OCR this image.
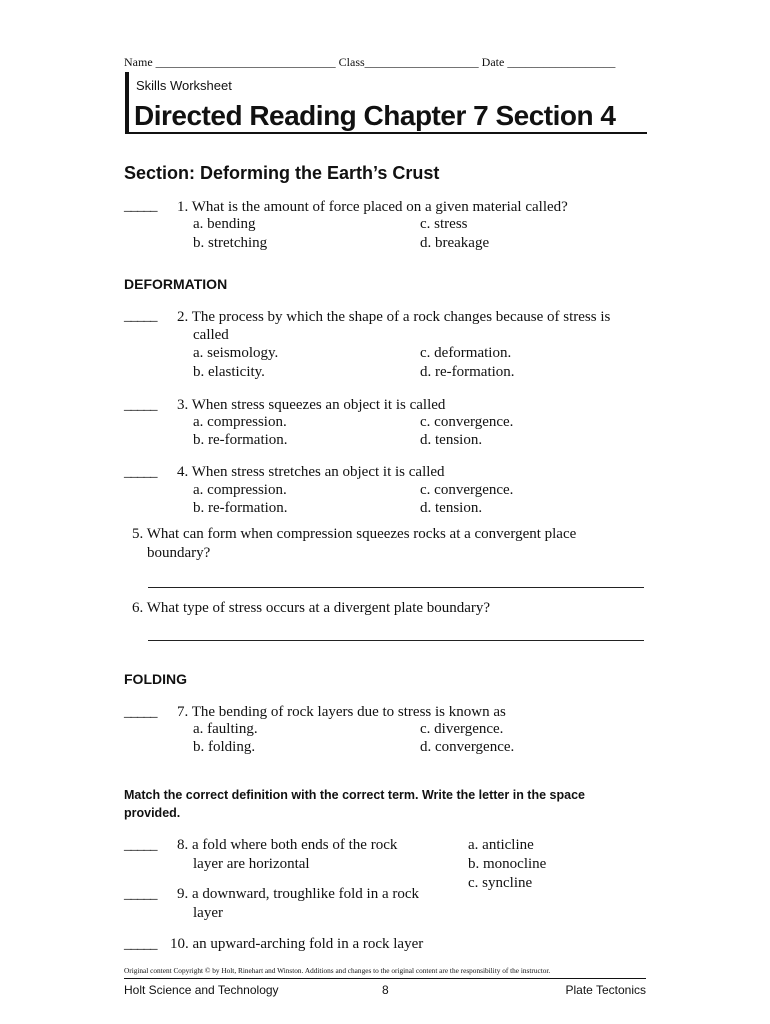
Name ______________________________ Class___________________ Date __________________
Skills Worksheet
Directed Reading Chapter 7 Section 4
Section: Deforming the Earth’s Crust
_____ 1. What is the amount of force placed on a given material called?
a. bending
b. stretching
c. stress
d. breakage
DEFORMATION
_____ 2. The process by which the shape of a rock changes because of stress is
called
a. seismology.
b. elasticity.
c. deformation.
d. re-formation.
_____ 3. When stress squeezes an object it is called
a. compression.
b. re-formation.
c. convergence.
d. tension.
_____ 4. When stress stretches an object it is called
a. compression.
b. re-formation.
c. convergence.
d. tension.
5. What can form when compression squeezes rocks at a convergent place
boundary?
6. What type of stress occurs at a divergent plate boundary?
FOLDING
_____ 7. The bending of rock layers due to stress is known as
a. faulting.
b. folding.
c. divergence.
d. convergence.
Match the correct definition with the correct term. Write the letter in the space
provided.
_____ 8. a fold where both ends of the rock
layer are horizontal
a. anticline
b. monocline
c. syncline
_____ 9. a downward, troughlike fold in a rock
layer
_____ 10. an upward-arching fold in a rock layer
Original content Copyright © by Holt, Rinehart and Winston. Additions and changes to the original content are the responsibility of the instructor.
Holt Science and Technology	8	Plate Tectonics
